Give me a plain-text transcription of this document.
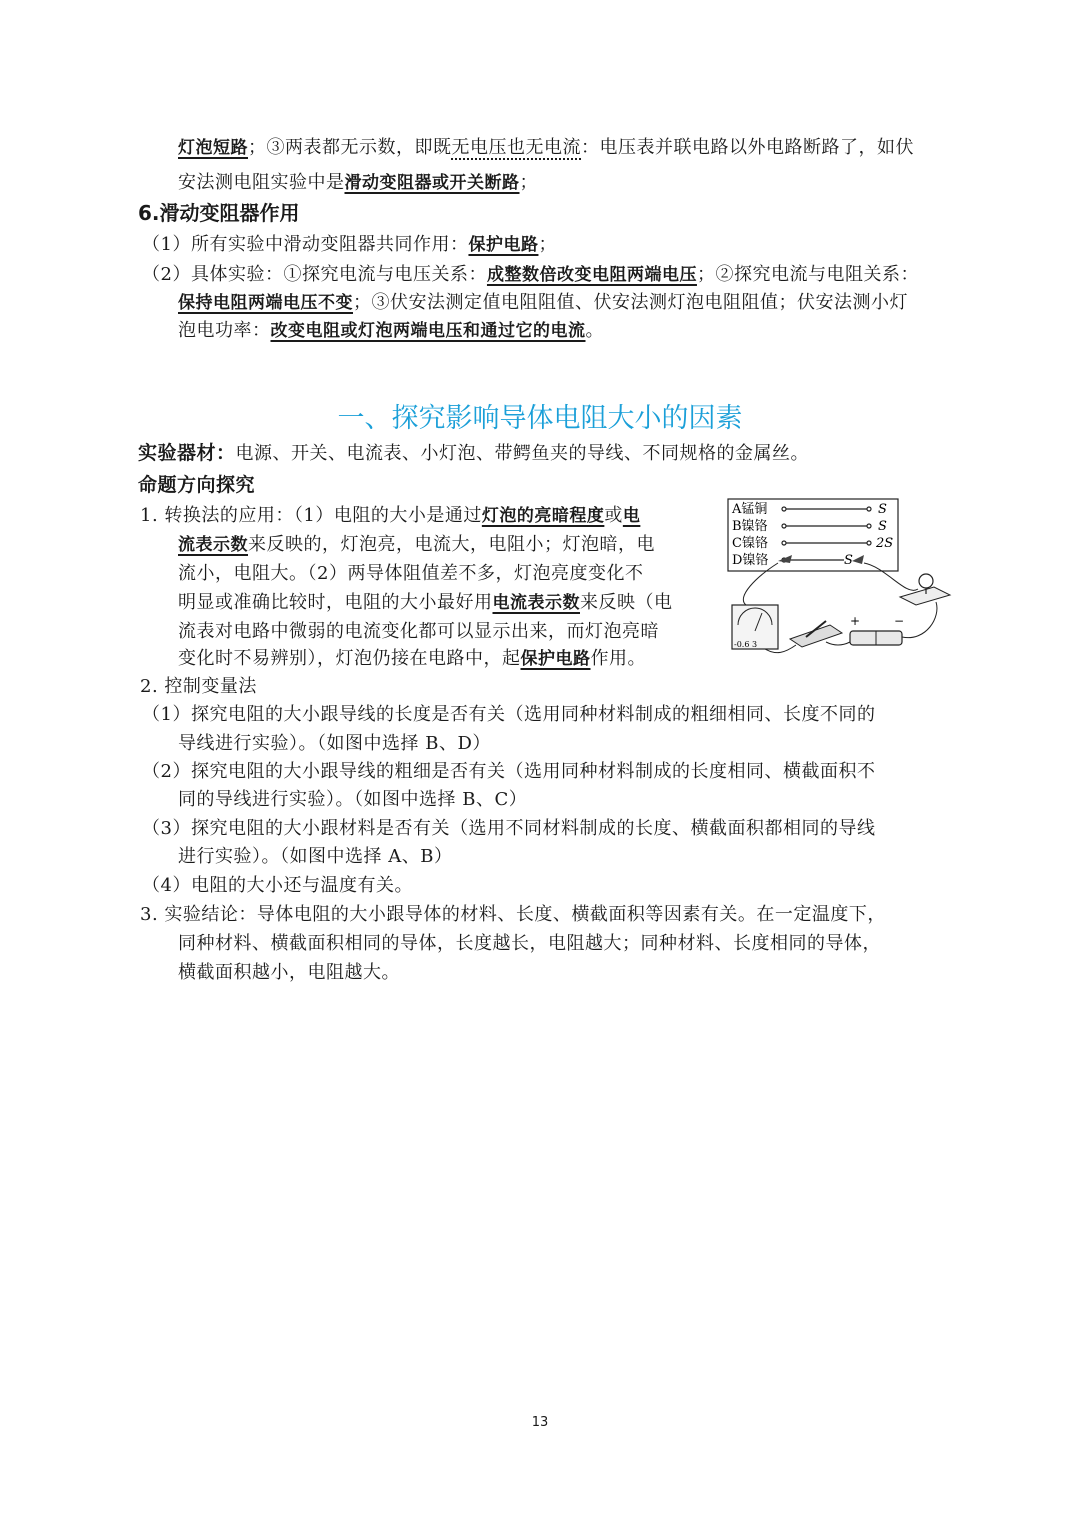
灯泡短路；③两表都无示数，即既无电压也无电流：电压表并联电路以外电路断路了，如伏
安法测电阻实验中是滑动变阻器或开关断路；
6.滑动变阻器作用
（1）所有实验中滑动变阻器共同作用：保护电路；
（2）具体实验：①探究电流与电压关系：成整数倍改变电阻两端电压；②探究电流与电阻关系：
保持电阻两端电压不变；③伏安法测定值电阻阻值、伏安法测灯泡电阻阻值；伏安法测小灯
泡电功率：改变电阻或灯泡两端电压和通过它的电流。
一、探究影响导体电阻大小的因素
实验器材：电源、开关、电流表、小灯泡、带鳄鱼夹的导线、不同规格的金属丝。
命题方向探究
1. 转换法的应用：（1）电阻的大小是通过灯泡的亮暗程度或电
流表示数来反映的，灯泡亮，电流大，电阻小；灯泡暗，电
流小，电阻大。（2）两导体阻值差不多，灯泡亮度变化不
明显或准确比较时，电阻的大小最好用电流表示数来反映（电
流表对电路中微弱的电流变化都可以显示出来，而灯泡亮暗
变化时不易辨别），灯泡仍接在电路中，起保护电路作用。
A锰铜
B镍铬
C镍铬
D镍铬
S
S
2S
S
-0.6 3
+	−
2. 控制变量法
（1）探究电阻的大小跟导线的长度是否有关（选用同种材料制成的粗细相同、长度不同的
导线进行实验）。（如图中选择 B、D）
（2）探究电阻的大小跟导线的粗细是否有关（选用同种材料制成的长度相同、横截面积不
同的导线进行实验）。（如图中选择 B、C）
（3）探究电阻的大小跟材料是否有关（选用不同材料制成的长度、横截面积都相同的导线
进行实验）。（如图中选择 A、B）
（4）电阻的大小还与温度有关。
3. 实验结论：导体电阻的大小跟导体的材料、长度、横截面积等因素有关。在一定温度下，
同种材料、横截面积相同的导体，长度越长，电阻越大；同种材料、长度相同的导体，
横截面积越小，电阻越大。
13
